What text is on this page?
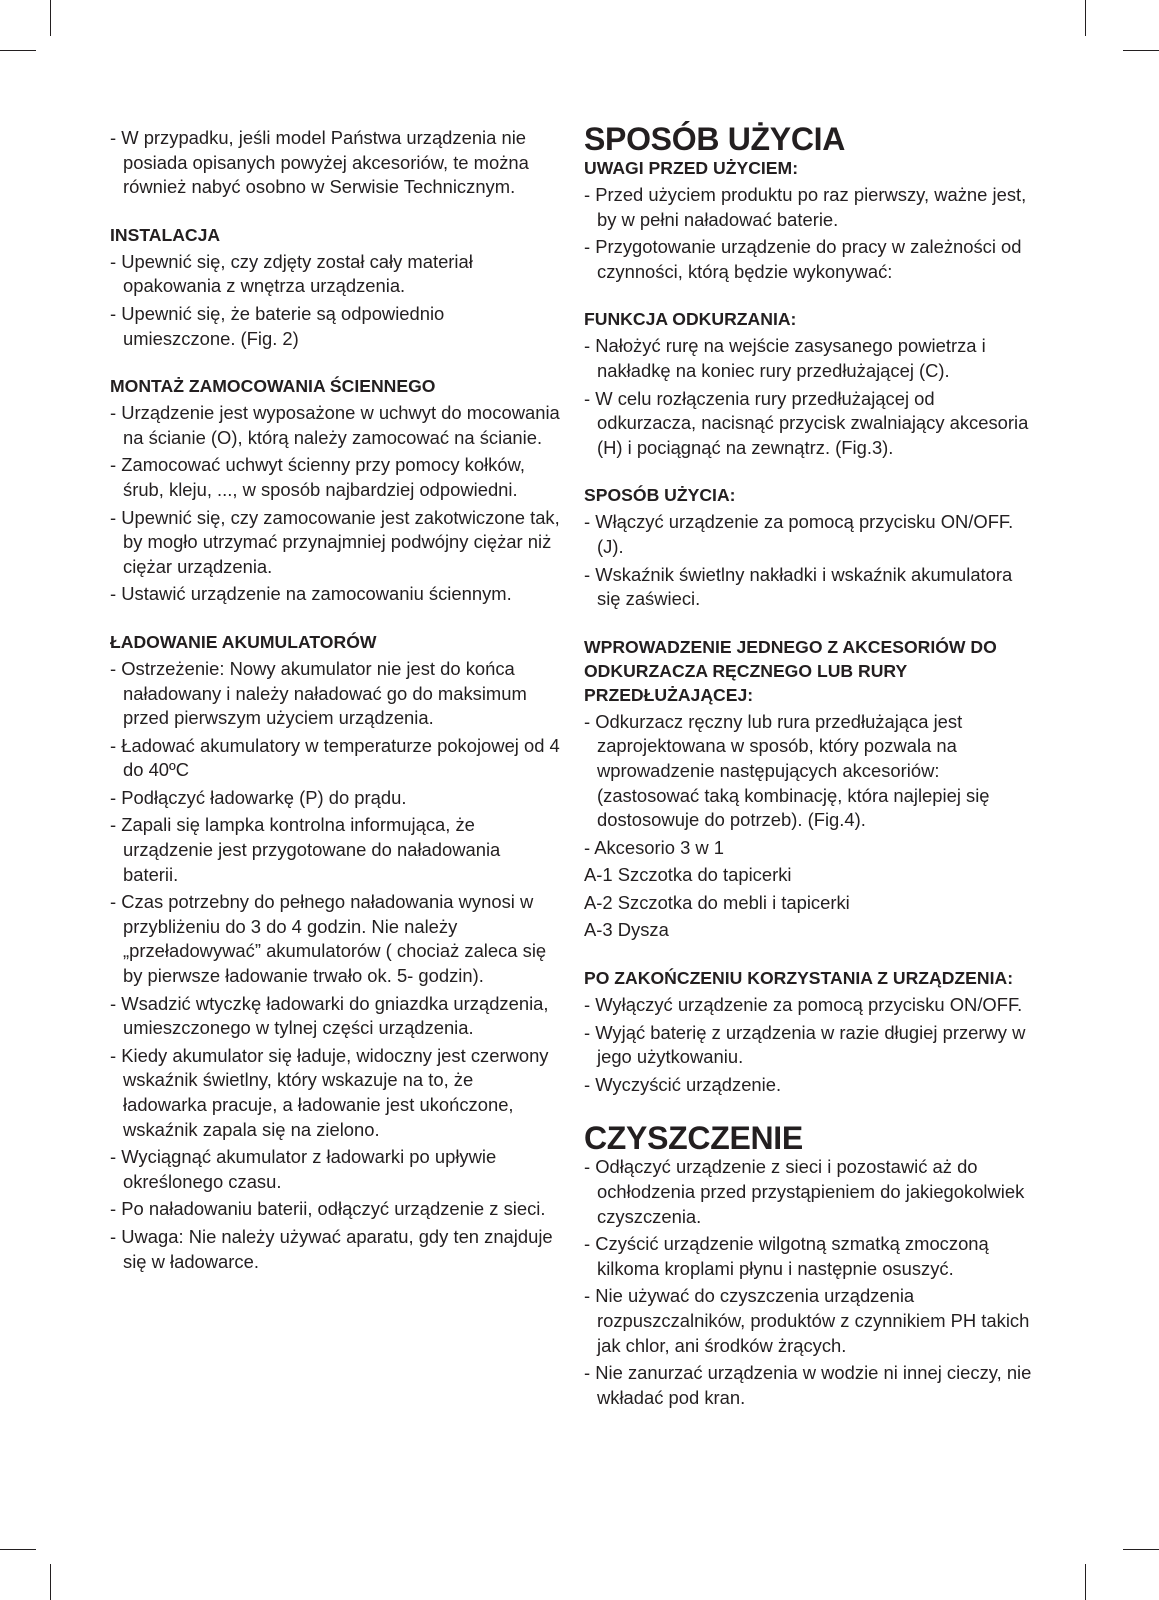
- W przypadku, jeśli model Państwa urządzenia nie posiada opisanych powyżej akcesoriów, te można również nabyć osobno w Serwisie Technicznym.

INSTALACJA

- Upewnić się, czy zdjęty został cały materiał opakowania z wnętrza urządzenia.

- Upewnić się, że baterie są odpowiednio umieszczone. (Fig. 2)

MONTAŻ ZAMOCOWANIA ŚCIENNEGO

- Urządzenie jest wyposażone w uchwyt do mocowania na ścianie (O), którą należy zamocować na ścianie.

- Zamocować uchwyt ścienny przy pomocy kołków, śrub, kleju, ..., w sposób najbardziej odpowiedni.

- Upewnić się, czy zamocowanie jest zakotwiczone tak, by mogło utrzymać przynajmniej podwójny ciężar niż ciężar urządzenia.

- Ustawić urządzenie na zamocowaniu ściennym.

ŁADOWANIE AKUMULATORÓW

- Ostrzeżenie: Nowy akumulator nie jest do końca naładowany i należy naładować go do maksimum przed pierwszym użyciem urządzenia.

- Ładować akumulatory w temperaturze pokojowej od 4 do 40ºC

- Podłączyć ładowarkę (P) do prądu.

- Zapali się lampka kontrolna informująca, że urządzenie jest przygotowane do naładowania baterii.

- Czas potrzebny do pełnego naładowania wynosi w przybliżeniu do 3 do 4 godzin. Nie należy „przeładowywać” akumulatorów ( chociaż zaleca się by pierwsze ładowanie trwało ok. 5- godzin).

- Wsadzić wtyczkę ładowarki do gniazdka urządzenia, umieszczonego w tylnej części urządzenia.

- Kiedy akumulator się ładuje, widoczny jest czerwony wskaźnik świetlny, który wskazuje na to, że ładowarka pracuje, a ładowanie jest ukończone, wskaźnik zapala się na zielono.

- Wyciągnąć akumulator z ładowarki po upływie określonego czasu.

- Po naładowaniu baterii, odłączyć urządzenie z sieci.

- Uwaga: Nie należy używać aparatu, gdy ten znajduje się w ładowarce.

SPOSÓB UŻYCIA

UWAGI PRZED UŻYCIEM:

- Przed użyciem produktu po raz pierwszy, ważne jest, by w pełni naładować baterie.

- Przygotowanie urządzenie do pracy w zależności od czynności, którą będzie wykonywać:

FUNKCJA ODKURZANIA:

- Nałożyć rurę na wejście zasysanego powietrza i nakładkę na koniec rury przedłużającej (C).

- W celu rozłączenia rury przedłużającej od odkurzacza, nacisnąć przycisk zwalniający akcesoria (H) i pociągnąć na zewnątrz. (Fig.3).

SPOSÓB UŻYCIA:

- Włączyć urządzenie za pomocą przycisku ON/OFF. (J).

- Wskaźnik świetlny nakładki i wskaźnik akumulatora się zaświeci.

WPROWADZENIE JEDNEGO Z AKCESORIÓW DO ODKURZACZA RĘCZNEGO LUB RURY PRZEDŁUŻAJĄCEJ:

- Odkurzacz ręczny lub rura przedłużająca jest zaprojektowana w sposób, który pozwala na wprowadzenie następujących akcesoriów: (zastosować taką kombinację, która najlepiej się dostosowuje do potrzeb). (Fig.4).

- Akcesorio 3 w 1

A-1 Szczotka do tapicerki

A-2 Szczotka do mebli i tapicerki

A-3 Dysza

PO ZAKOŃCZENIU KORZYSTANIA Z URZĄDZENIA:

- Wyłączyć urządzenie za pomocą przycisku ON/OFF.

- Wyjąć baterię z urządzenia w razie długiej przerwy w jego użytkowaniu.

- Wyczyścić urządzenie.

CZYSZCZENIE

- Odłączyć urządzenie z sieci i pozostawić aż do ochłodzenia przed przystąpieniem do jakiegokolwiek czyszczenia.

- Czyścić urządzenie wilgotną szmatką zmoczoną kilkoma kroplami płynu i następnie osuszyć.

- Nie używać do czyszczenia urządzenia rozpuszczalników, produktów z czynnikiem PH takich jak chlor, ani środków żrących.

- Nie zanurzać urządzenia w wodzie ni innej cieczy, nie wkładać pod kran.
